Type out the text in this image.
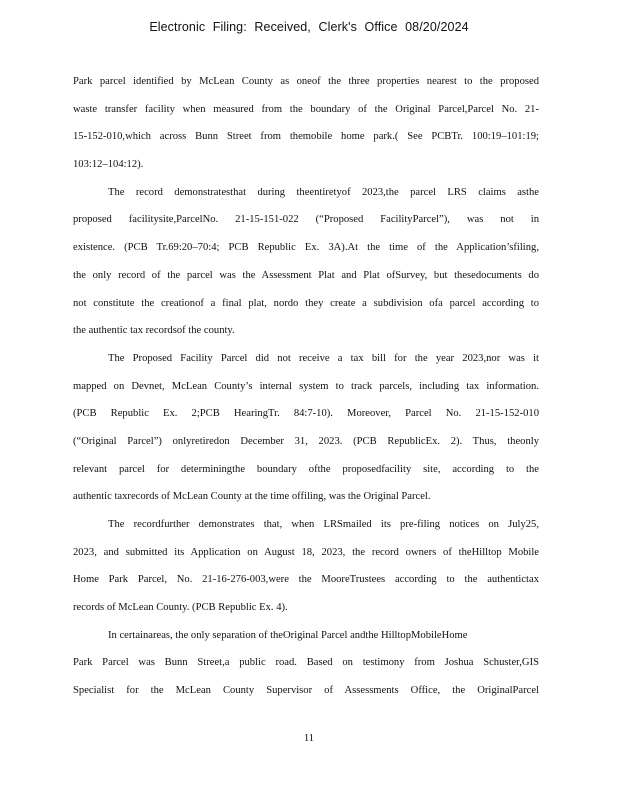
Electronic Filing: Received, Clerk's Office 08/20/2024
Park parcel identified by McLean County as oneof the three properties nearest to the proposed
waste transfer facility when measured from the boundary of the Original Parcel,Parcel No. 21-
15-152-010,which across Bunn Street from themobile home park.( See PCBTr. 100:19–101:19;
103:12–104:12).
The record demonstratesthat during theentiretyof 2023,the parcel LRS claims asthe
proposed facilitysite,ParcelNo. 21-15-151-022 (“Proposed FacilityParcel”), was not in
existence. (PCB Tr.69:20–70:4; PCB Republic Ex. 3A).At the time of the Application’sfiling,
the only record of the parcel was the Assessment Plat and Plat ofSurvey, but thesedocuments do
not constitute the creationof a final plat, nordo they create a subdivision ofa parcel according to
the authentic tax recordsof the county.
The Proposed Facility Parcel did not receive a tax bill for the year 2023,nor was it
mapped on Devnet, McLean County’s internal system to track parcels, including tax information.
(PCB Republic Ex. 2;PCB HearingTr. 84:7-10). Moreover, Parcel No. 21-15-152-010
(“Original Parcel”) onlyretiredon December 31, 2023. (PCB RepublicEx. 2). Thus, theonly
relevant parcel for determiningthe boundary ofthe proposedfacility site, according to the
authentic taxrecords of McLean County at the time offiling, was the Original Parcel.
The recordfurther demonstrates that, when LRSmailed its pre-filing notices on July25,
2023, and submitted its Application on August 18, 2023, the record owners of theHilltop Mobile
Home Park Parcel, No. 21-16-276-003,were the MooreTrustees according to the authentictax
records of McLean County. (PCB Republic Ex. 4).
In certainareas, the only separation of theOriginal Parcel andthe HilltopMobileHome
Park Parcel was Bunn Street,a public road. Based on testimony from Joshua Schuster,GIS
Specialist for the McLean County Supervisor of Assessments Office, the OriginalParcel
11
